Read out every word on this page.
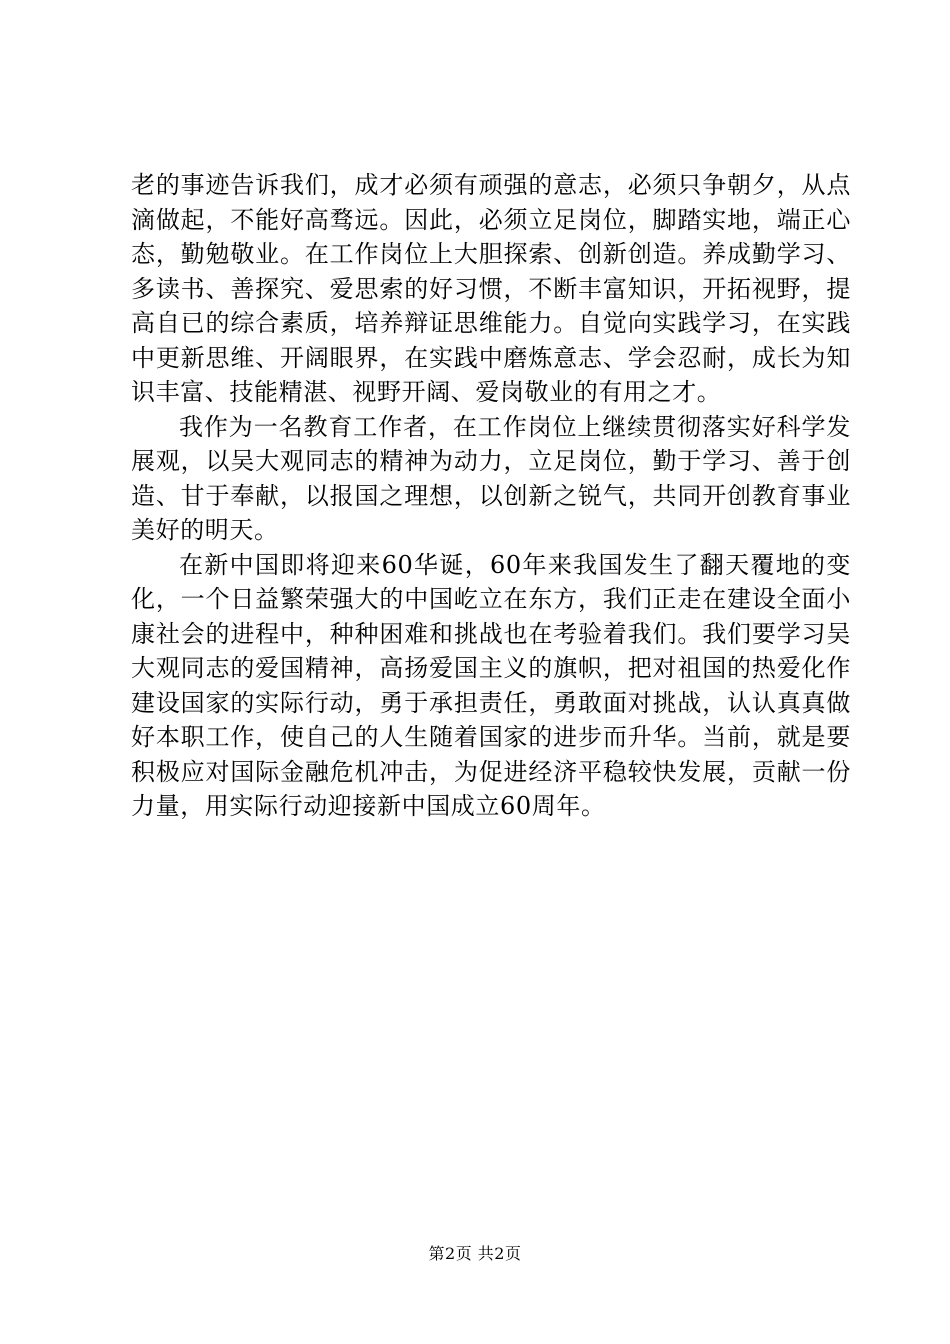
老的事迹告诉我们，成才必须有顽强的意志，必须只争朝夕，从点滴做起，不能好高骛远。因此，必须立足岗位，脚踏实地，端正心态，勤勉敬业。在工作岗位上大胆探索、创新创造。养成勤学习、多读书、善探究、爱思索的好习惯，不断丰富知识，开拓视野，提高自已的综合素质，培养辩证思维能力。自觉向实践学习，在实践中更新思维、开阔眼界，在实践中磨炼意志、学会忍耐，成长为知识丰富、技能精湛、视野开阔、爱岗敬业的有用之才。

我作为一名教育工作者，在工作岗位上继续贯彻落实好科学发展观，以吴大观同志的精神为动力，立足岗位，勤于学习、善于创造、甘于奉献，以报国之理想，以创新之锐气，共同开创教育事业美好的明天。

在新中国即将迎来60华诞，60年来我国发生了翻天覆地的变化，一个日益繁荣强大的中国屹立在东方，我们正走在建设全面小康社会的进程中，种种困难和挑战也在考验着我们。我们要学习吴大观同志的爱国精神，高扬爱国主义的旗帜，把对祖国的热爱化作建设国家的实际行动，勇于承担责任，勇敢面对挑战，认认真真做好本职工作，使自己的人生随着国家的进步而升华。当前，就是要积极应对国际金融危机冲击，为促进经济平稳较快发展，贡献一份力量，用实际行动迎接新中国成立60周年。

第2页 共2页
